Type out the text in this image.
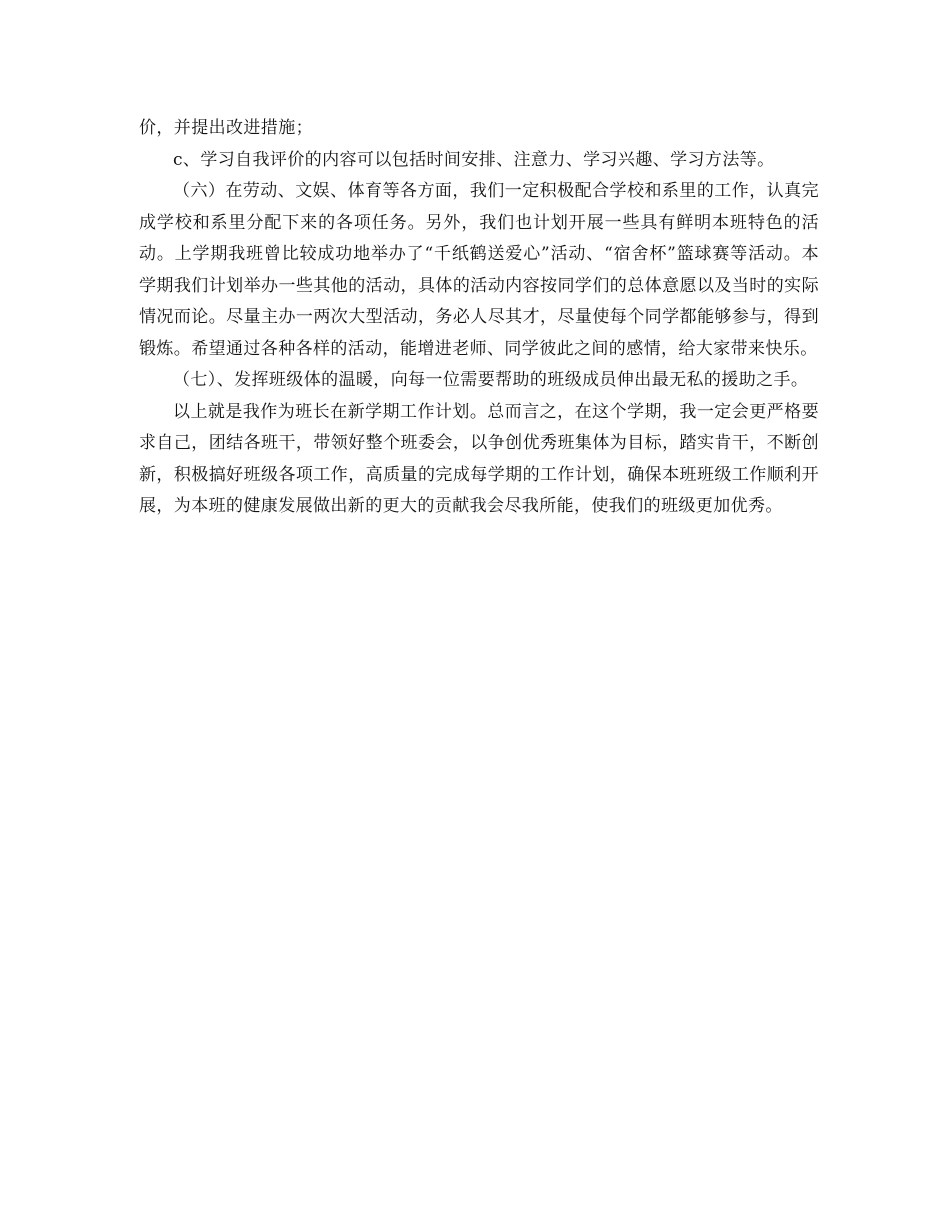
价，并提出改进措施；

c、学习自我评价的内容可以包括时间安排、注意力、学习兴趣、学习方法等。

（六）在劳动、文娱、体育等各方面，我们一定积极配合学校和系里的工作，认真完成学校和系里分配下来的各项任务。另外，我们也计划开展一些具有鲜明本班特色的活动。上学期我班曾比较成功地举办了“千纸鹤送爱心”活动、“宿舍杯”篮球赛等活动。本学期我们计划举办一些其他的活动，具体的活动内容按同学们的总体意愿以及当时的实际情况而论。尽量主办一两次大型活动，务必人尽其才，尽量使每个同学都能够参与，得到锻炼。希望通过各种各样的活动，能增进老师、同学彼此之间的感情，给大家带来快乐。

（七）、发挥班级体的温暖，向每一位需要帮助的班级成员伸出最无私的援助之手。

以上就是我作为班长在新学期工作计划。总而言之，在这个学期，我一定会更严格要求自己，团结各班干，带领好整个班委会，以争创优秀班集体为目标，踏实肯干，不断创新，积极搞好班级各项工作，高质量的完成每学期的工作计划，确保本班班级工作顺利开展，为本班的健康发展做出新的更大的贡献我会尽我所能，使我们的班级更加优秀。
